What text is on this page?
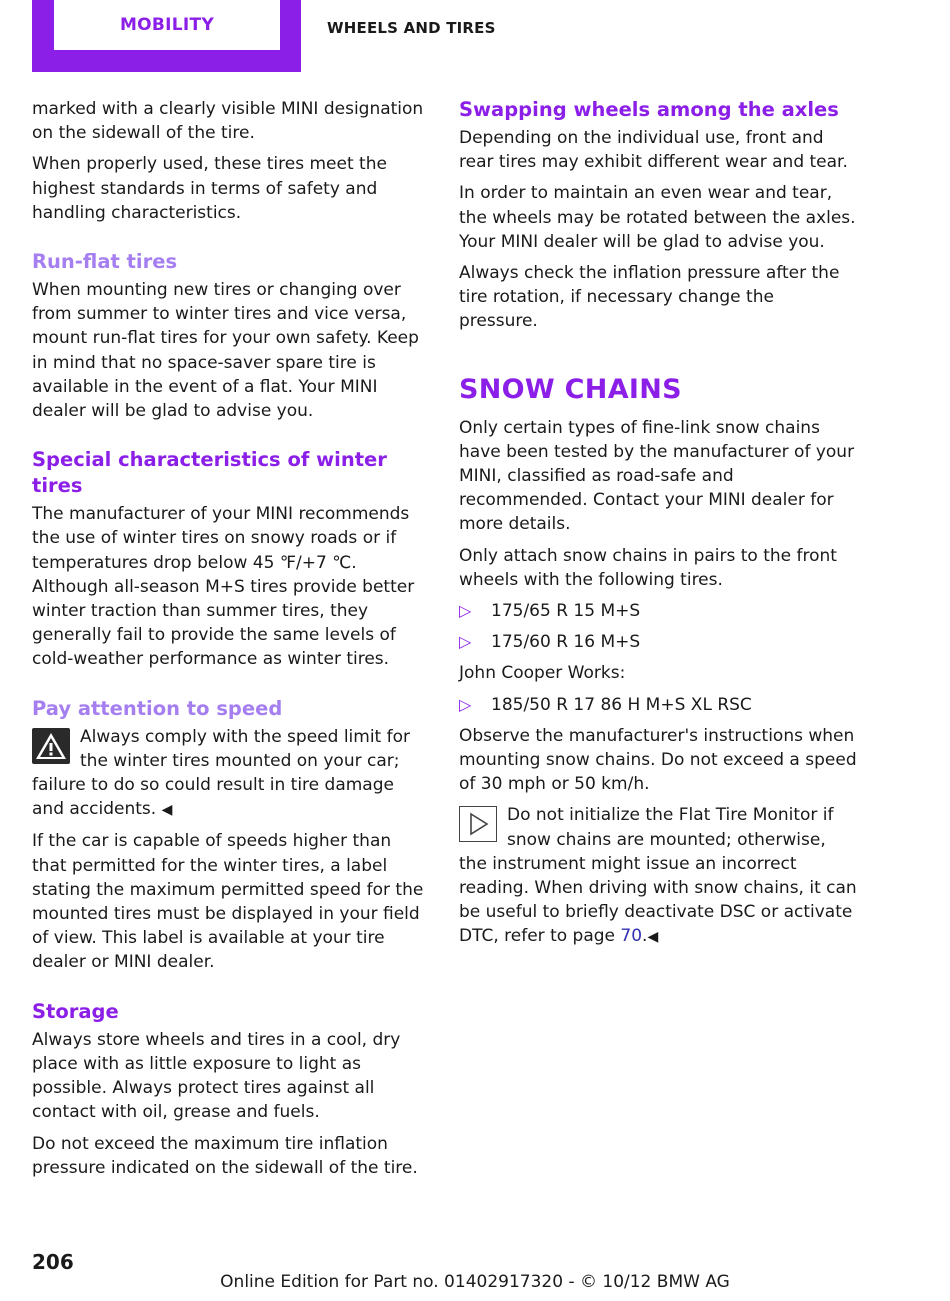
MOBILITY	WHEELS AND TIRES

marked with a clearly visible MINI designation on the sidewall of the tire.

When properly used, these tires meet the highest standards in terms of safety and handling characteristics.

Run-flat tires

When mounting new tires or changing over from summer to winter tires and vice versa, mount run-flat tires for your own safety. Keep in mind that no space-saver spare tire is available in the event of a flat. Your MINI dealer will be glad to advise you.

Special characteristics of winter tires

The manufacturer of your MINI recommends the use of winter tires on snowy roads or if temperatures drop below 45 ℉/+7 ℃. Although all-season M+S tires provide better winter traction than summer tires, they generally fail to provide the same levels of cold-weather performance as winter tires.

Pay attention to speed

Always comply with the speed limit for the winter tires mounted on your car; failure to do so could result in tire damage and accidents. ◀

If the car is capable of speeds higher than that permitted for the winter tires, a label stating the maximum permitted speed for the mounted tires must be displayed in your field of view. This label is available at your tire dealer or MINI dealer.

Storage

Always store wheels and tires in a cool, dry place with as little exposure to light as possible. Always protect tires against all contact with oil, grease and fuels.

Do not exceed the maximum tire inflation pressure indicated on the sidewall of the tire.

Swapping wheels among the axles

Depending on the individual use, front and rear tires may exhibit different wear and tear.

In order to maintain an even wear and tear, the wheels may be rotated between the axles. Your MINI dealer will be glad to advise you.

Always check the inflation pressure after the tire rotation, if necessary change the pressure.

SNOW CHAINS

Only certain types of fine-link snow chains have been tested by the manufacturer of your MINI, classified as road-safe and recommended. Contact your MINI dealer for more details.

Only attach snow chains in pairs to the front wheels with the following tires.

▷ 175/65 R 15 M+S

▷ 175/60 R 16 M+S

John Cooper Works:

▷ 185/50 R 17 86 H M+S XL RSC

Observe the manufacturer's instructions when mounting snow chains. Do not exceed a speed of 30 mph or 50 km/h.

Do not initialize the Flat Tire Monitor if snow chains are mounted; otherwise, the instrument might issue an incorrect reading. When driving with snow chains, it can be useful to briefly deactivate DSC or activate DTC, refer to page 70.◀

206
Online Edition for Part no. 01402917320 - © 10/12 BMW AG
